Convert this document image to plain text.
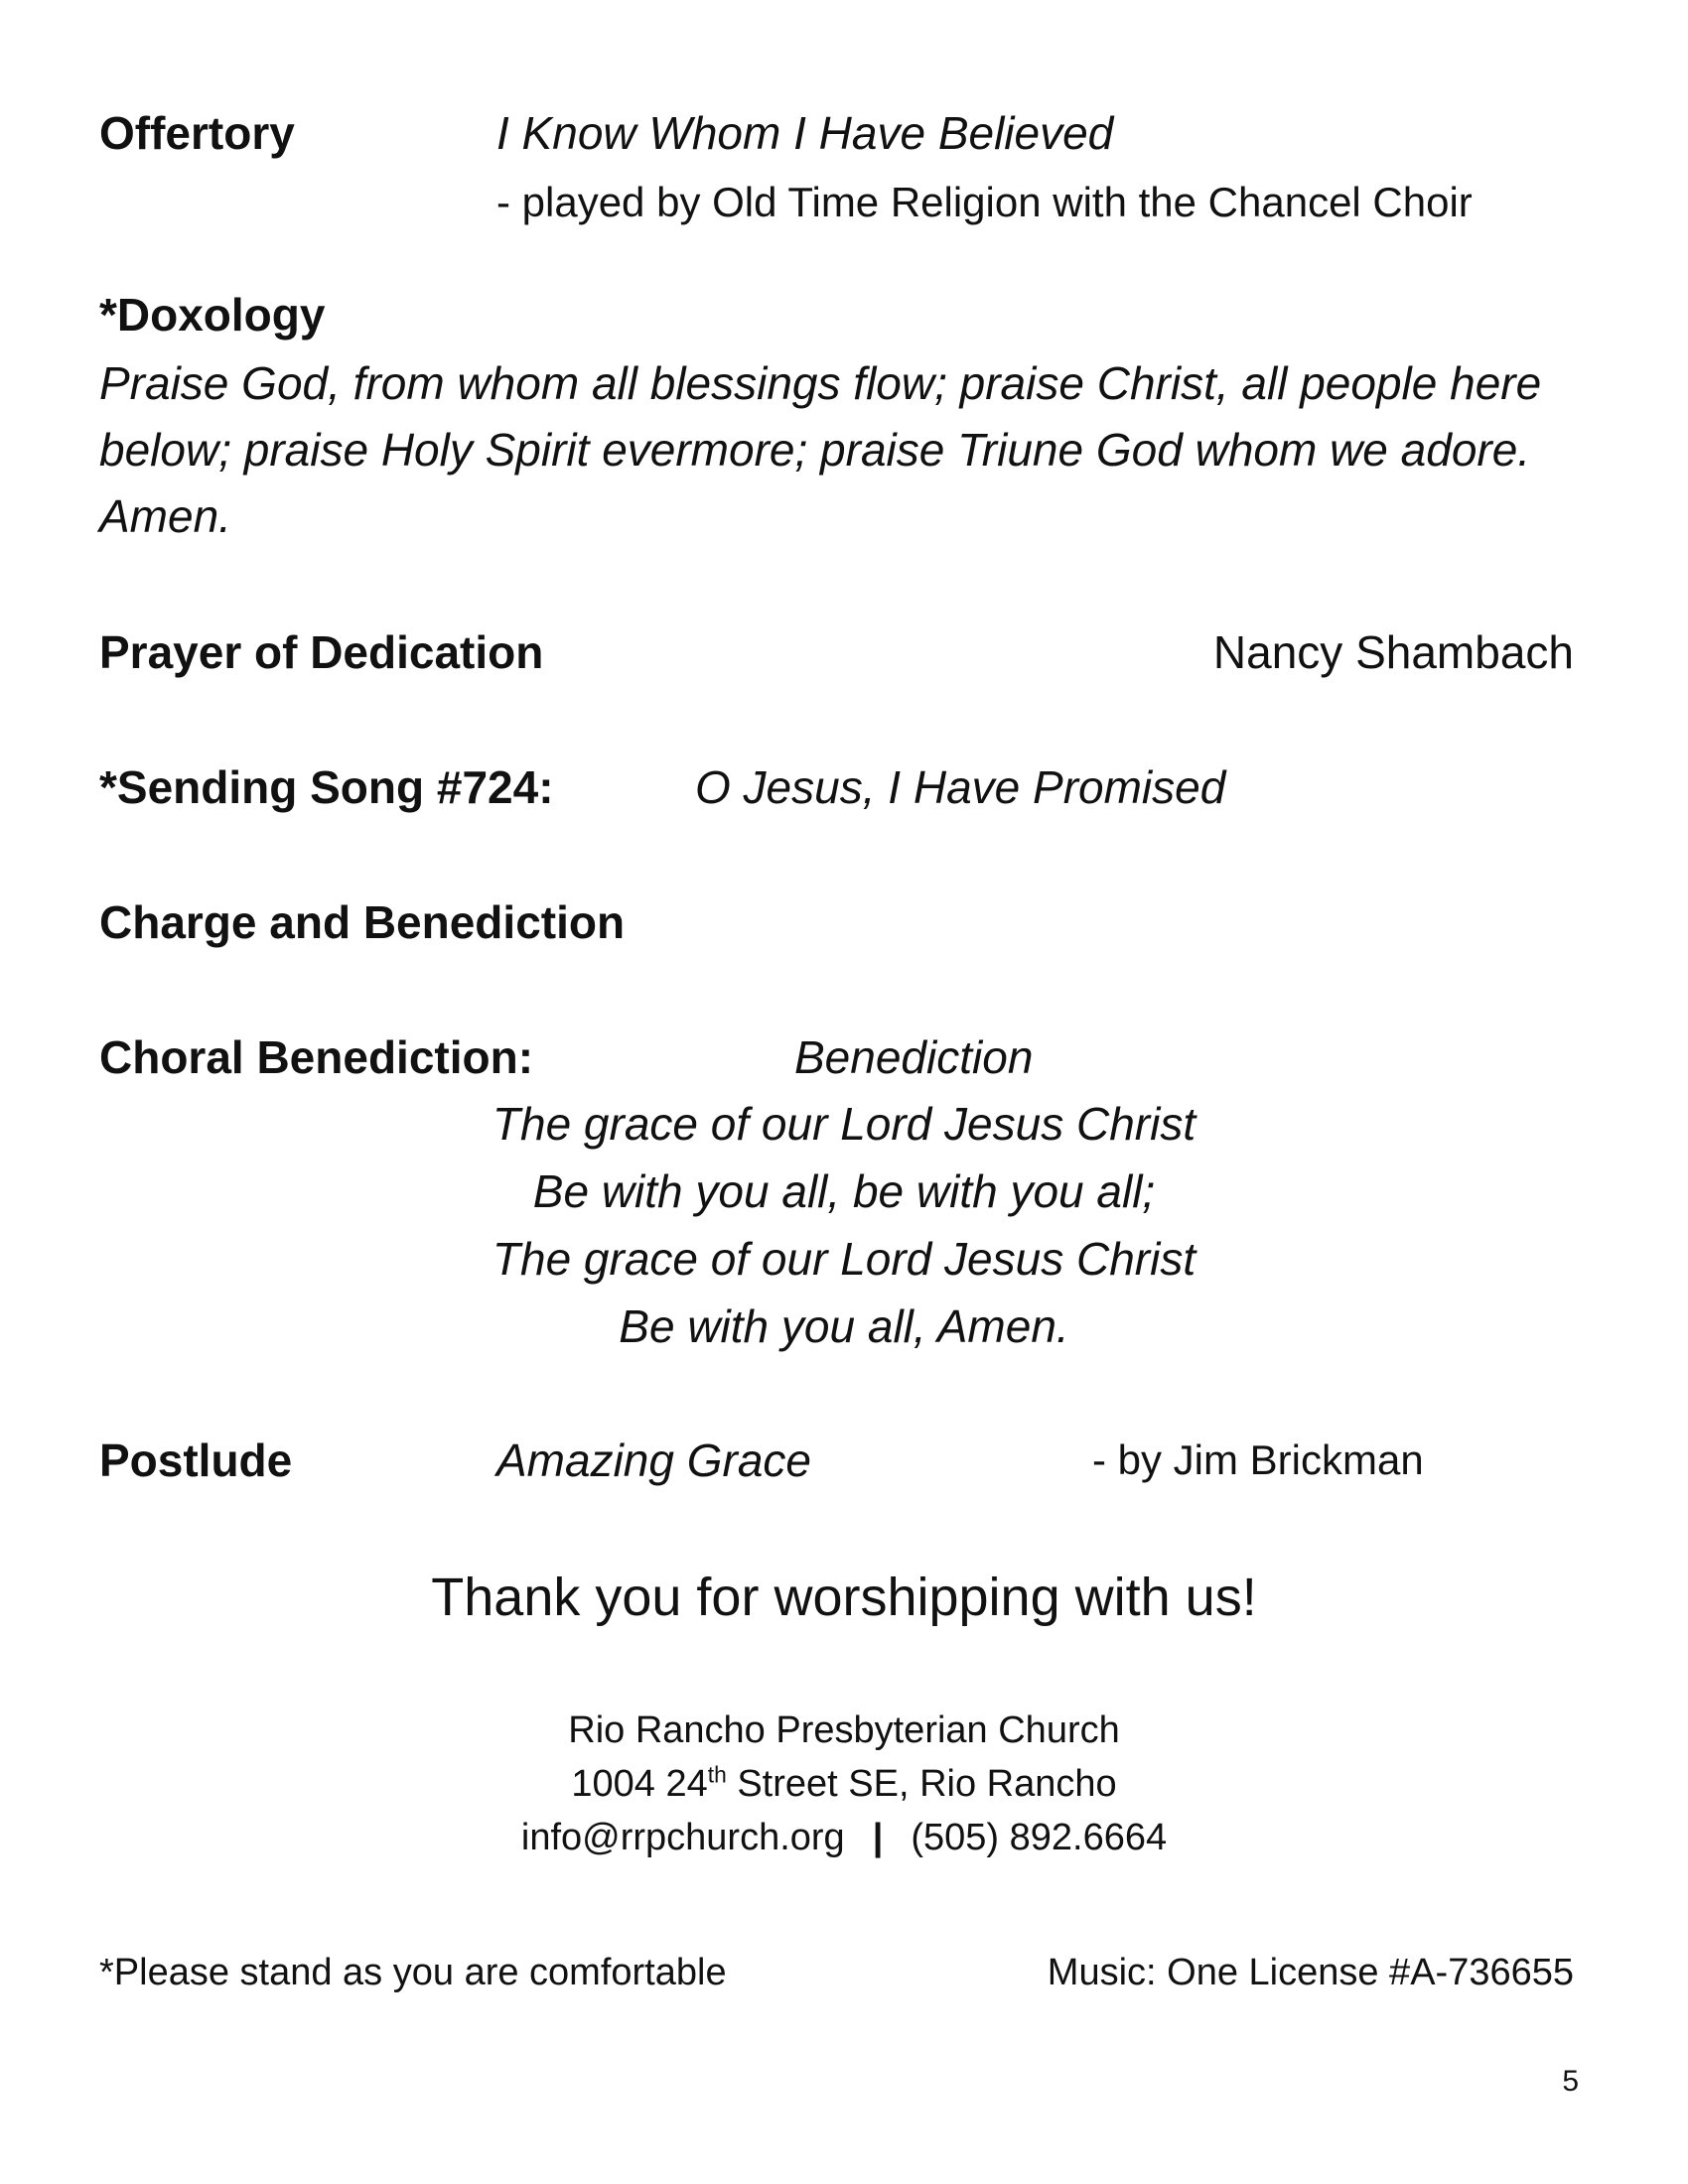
Offertory	I Know Whom I Have Believed
- played by Old Time Religion with the Chancel Choir
*Doxology
Praise God, from whom all blessings flow; praise Christ, all people here below; praise Holy Spirit evermore; praise Triune God whom we adore. Amen.
Prayer of Dedication	Nancy Shambach
*Sending Song #724:	O Jesus, I Have Promised
Charge and Benediction
Choral Benediction:	Benediction
The grace of our Lord Jesus Christ
Be with you all, be with you all;
The grace of our Lord Jesus Christ
Be with you all, Amen.
Postlude	Amazing Grace	- by Jim Brickman
Thank you for worshipping with us!
Rio Rancho Presbyterian Church
1004 24th Street SE, Rio Rancho
info@rrpchurch.org | (505) 892.6664
*Please stand as you are comfortable	Music: One License #A-736655
5
